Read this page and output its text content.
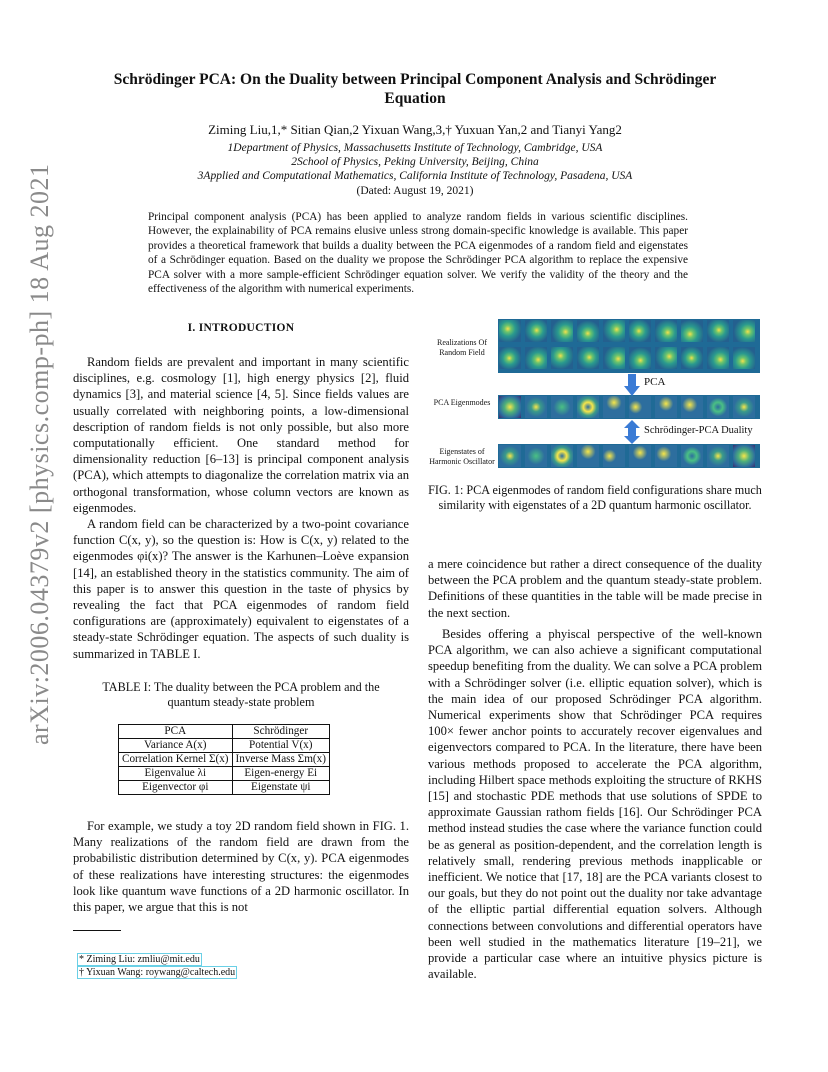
arXiv:2006.04379v2 [physics.comp-ph] 18 Aug 2021
Schrödinger PCA: On the Duality between Principal Component Analysis and Schrödinger Equation
Ziming Liu,1,* Sitian Qian,2 Yixuan Wang,3,† Yuxuan Yan,2 and Tianyi Yang2
1Department of Physics, Massachusetts Institute of Technology, Cambridge, USA
2School of Physics, Peking University, Beijing, China
3Applied and Computational Mathematics, California Institute of Technology, Pasadena, USA
(Dated: August 19, 2021)
Principal component analysis (PCA) has been applied to analyze random fields in various scientific disciplines. However, the explainability of PCA remains elusive unless strong domain-specific knowledge is available. This paper provides a theoretical framework that builds a duality between the PCA eigenmodes of a random field and eigenstates of a Schrödinger equation. Based on the duality we propose the Schrödinger PCA algorithm to replace the expensive PCA solver with a more sample-efficient Schrödinger equation solver. We verify the validity of the theory and the effectiveness of the algorithm with numerical experiments.
I. INTRODUCTION

Random fields are prevalent and important in many scientific disciplines, e.g. cosmology [1], high energy physics [2], fluid dynamics [3], and material science [4, 5]. Since fields values are usually correlated with neighboring points, a low-dimensional description of random fields is not only possible, but also more computationally efficient. One standard method for dimensionality reduction [6–13] is principal component analysis (PCA), which attempts to diagonalize the correlation matrix via an orthogonal transformation, whose column vectors are known as eigenmodes.

A random field can be characterized by a two-point covariance function C(x, y), so the question is: How is C(x, y) related to the eigenmodes φi(x)? The answer is the Karhunen–Loève expansion [14], an established theory in the statistics community. The aim of this paper is to answer this question in the taste of physics by revealing the fact that PCA eigenmodes of random field configurations are (approximately) equivalent to eigenstates of a steady-state Schrödinger equation. The aspects of such duality is summarized in TABLE I.

TABLE I: The duality between the PCA problem and the quantum steady-state problem
PCA	Schrödinger
Variance A(x)	Potential V(x)
Correlation Kernel Σ(x)	Inverse Mass Σm(x)
Eigenvalue λi	Eigen-energy Ei
Eigenvector φi	Eigenstate ψi

For example, we study a toy 2D random field shown in FIG. 1. Many realizations of the random field are drawn from the probabilistic distribution determined by C(x, y). PCA eigenmodes of these realizations have interesting structures: the eigenmodes look like quantum wave functions of a 2D harmonic oscillator. In this paper, we argue that this is not

* Ziming Liu: zmliu@mit.edu
† Yixuan Wang: roywang@caltech.edu
Realizations Of Random Field
PCA Eigenmodes
Eigenstates of Harmonic Oscillator
PCA
Schrödinger-PCA Duality
FIG. 1: PCA eigenmodes of random field configurations share much similarity with eigenstates of a 2D quantum harmonic oscillator.

a mere coincidence but rather a direct consequence of the duality between the PCA problem and the quantum steady-state problem. Definitions of these quantities in the table will be made precise in the next section.

Besides offering a phyiscal perspective of the well-known PCA algorithm, we can also achieve a significant computational speedup benefiting from the duality. We can solve a PCA problem with a Schrödinger solver (i.e. elliptic equation solver), which is the main idea of our proposed Schrödinger PCA algorithm. Numerical experiments show that Schrödinger PCA requires 100× fewer anchor points to accurately recover eigenvalues and eigenvectors compared to PCA. In the literature, there have been various methods proposed to accelerate the PCA algorithm, including Hilbert space methods exploiting the structure of RKHS [15] and stochastic PDE methods that use solutions of SPDE to approximate Gaussian rathom fields [16]. Our Schrödinger PCA method instead studies the case where the variance function could be as general as position-dependent, and the correlation length is relatively small, rendering previous methods inapplicable or inefficient. We notice that [17, 18] are the PCA variants closest to our goals, but they do not point out the duality nor take advantage of the elliptic partial differential equation solvers. Although connections between convolutions and differential operators have been well studied in the mathematics literature [19–21], we provide a particular case where an intuitive physics picture is available.
